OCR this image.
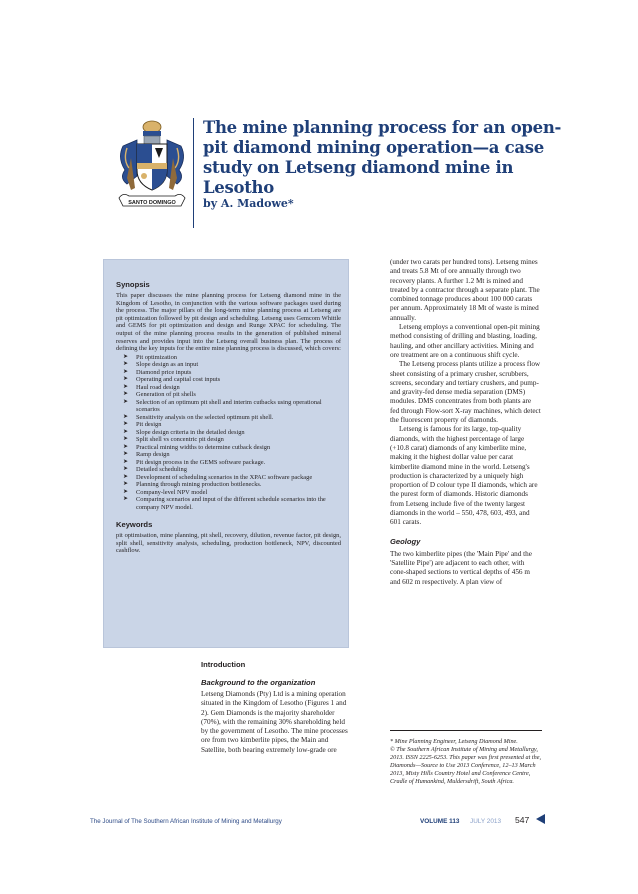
SANTO DOMINGO
The mine planning process for an open-pit diamond mining operation—a case study on Letseng diamond mine in Lesotho

by A. Madowe*

Synopsis

This paper discusses the mine planning process for Letseng diamond mine in the Kingdom of Lesotho, in conjunction with the various software packages used during the process. The major pillars of the long-term mine planning process at Letseng are pit optimization followed by pit design and scheduling. Letseng uses Gemcom Whittle and GEMS for pit optimization and design and Runge XPAC for scheduling. The output of the mine planning process results in the generation of published mineral reserves and provides input into the Letseng overall business plan. The process of defining the key inputs for the entire mine planning process is discussed, which covers:

➤ Pit optimization
➤ Slope design as an input
➤ Diamond price inputs
➤ Operating and capital cost inputs
➤ Haul road design
➤ Generation of pit shells
➤ Selection of an optimum pit shell and interim cutbacks using operational scenarios
➤ Sensitivity analysis on the selected optimum pit shell.
➤ Pit design
➤ Slope design criteria in the detailed design
➤ Split shell vs concentric pit design
➤ Practical mining widths to determine cutback design
➤ Ramp design
➤ Pit design process in the GEMS software package.
➤ Detailed scheduling
➤ Development of scheduling scenarios in the XPAC software package
➤ Planning through mining production bottlenecks.
➤ Company-level NPV model
➤ Comparing scenarios and input of the different schedule scenarios into the company NPV model.

Keywords

pit optimisation, mine planning, pit shell, recovery, dilution, revenue factor, pit design, split shell, sensitivity analysis, scheduling, production bottleneck, NPV, discounted cashflow.

(under two carats per hundred tons). Letseng mines and treats 5.8 Mt of ore annually through two recovery plants. A further 1.2 Mt is mined and treated by a contractor through a separate plant. The combined tonnage produces about 100 000 carats per annum. Approximately 18 Mt of waste is mined annually.

Letseng employs a conventional open-pit mining method consisting of drilling and blasting, loading, hauling, and other ancillary activities. Mining and ore treatment are on a continuous shift cycle.

The Letseng process plants utilize a process flow sheet consisting of a primary crusher, scrubbers, screens, secondary and tertiary crushers, and pump- and gravity-fed dense media separation (DMS) modules. DMS concentrates from both plants are fed through Flow-sort X-ray machines, which detect the fluorescent property of diamonds.

Letseng is famous for its large, top-quality diamonds, with the highest percentage of large (+10.8 carat) diamonds of any kimberlite mine, making it the highest dollar value per carat kimberlite diamond mine in the world. Letseng's production is characterized by a uniquely high proportion of D colour type II diamonds, which are the purest form of diamonds. Historic diamonds from Letseng include five of the twenty largest diamonds in the world – 550, 478, 603, 493, and 601 carats.

Geology

The two kimberlite pipes (the 'Main Pipe' and the 'Satellite Pipe') are adjacent to each other, with cone-shaped sections to vertical depths of 456 m and 602 m respectively. A plan view of

* Mine Planning Engineer, Letseng Diamond Mine.

© The Southern African Institute of Mining and Metallurgy, 2013. ISSN 2225-6253. This paper was first presented at the, Diamonds—Source to Use 2013 Conference, 12–13 March 2013, Misty Hills Country Hotel and Conference Centre, Cradle of Humankind, Muldersdrift, South Africa.

Introduction

Background to the organization

Letseng Diamonds (Pty) Ltd is a mining operation situated in the Kingdom of Lesotho (Figures 1 and 2). Gem Diamonds is the majority shareholder (70%), with the remaining 30% shareholding held by the government of Lesotho. The mine processes ore from two kimberlite pipes, the Main and Satellite, both bearing extremely low-grade ore

The Journal of The Southern African Institute of Mining and Metallurgy	VOLUME 113 JULY 2013 547
